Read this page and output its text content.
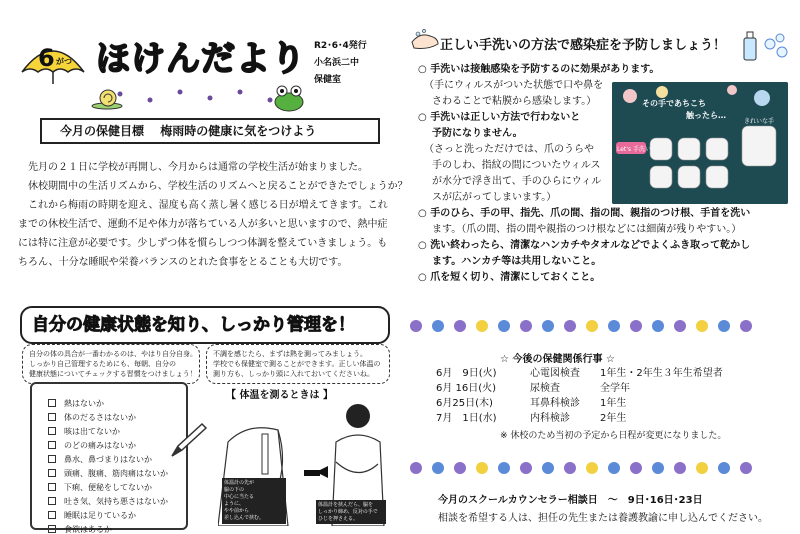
6 がつ ほけんだより R2･6･4発行
小名浜二中
保健室
今月の保健目標 梅雨時の健康に気をつけよう

先月の２１日に学校が再開し、今月からは通常の学校生活が始まりました。

休校期間中の生活リズムから、学校生活のリズムへと戻ることができたでしょうか？

これから梅雨の時期を迎え、湿度も高く蒸し暑く感じる日が増えてきます。これ

までの休校生活で、運動不足や体力が落ちている人が多いと思いますので、熱中症

には特に注意が必要です。少しずつ体を慣らしつつ体調を整えていきましょう。も

ちろん、十分な睡眠や栄養バランスのとれた食事をとることも大切です。

自分の健康状態を知り、しっかり管理を！
自分の体の具合が一番わかるのは、やはり自分自身。
しっかり自己管理するためにも、毎朝、自分の
健康状態についてチェックする習慣をつけましょう！
不調を感じたら、まずは熱を測ってみましょう。
学校でも保健室で測ることができます。正しい体温の
測り方も、しっかり頭に入れておいてくださいね。
熱はないか
体のだるさはないか
咳は出てないか
のどの痛みはないか
鼻水、鼻づまりはないか
頭痛、腹痛、筋肉痛はないか
下痢、便秘をしてないか
吐き気、気持ち悪さはないか
睡眠は足りているか
食欲はあるか
【 体温を測るときは 】
体温計の先が
脇の下の
中心に当たる
ように、
やや前から
差し込んで挟む。
体温計を挟んだら、脇を
しっかり締め、反対の手で
ひじを押さえる。
正しい手洗いの方法で感染症を予防しましょう！
○ 手洗いは接触感染を予防するのに効果があります。
（手にウィルスがついた状態で口や鼻を
さわることで粘膜から感染します。）
○ 手洗いは正しい方法で行わないと
予防になりません。
（さっと洗っただけでは、爪のうらや
手のしわ、指紋の間についたウィルス
が水分で浮き出て、手のひらにウィル
スが広がってしまいます。）
○ 手のひら、手の甲、指先、爪の間、指の間、親指のつけ根、手首を洗い
ます。（爪の間、指の間や親指のつけ根などには細菌が残りやすい。）
○ 洗い終わったら、清潔なハンカチやタオルなどでよくふき取って乾かし
ます。ハンカチ等は共用しないこと。
○ 爪を短く切り、清潔にしておくこと。
その手であちこち
触ったら…
Let's 手洗い
きれいな手
☆ 今後の保健関係行事 ☆
6月　9日(火)	心電図検査	1年生・2年生３年生希望者
6月 16日(火)	尿検査	全学年
6月25日(木)	耳鼻科検診	1年生
7月　1日(水)	内科検診	2年生
※ 休校のため当初の予定から日程が変更になりました。
今月のスクールカウンセラー相談日　～　9日･16日･23日
相談を希望する人は、担任の先生または養護教諭に申し込んでください。
